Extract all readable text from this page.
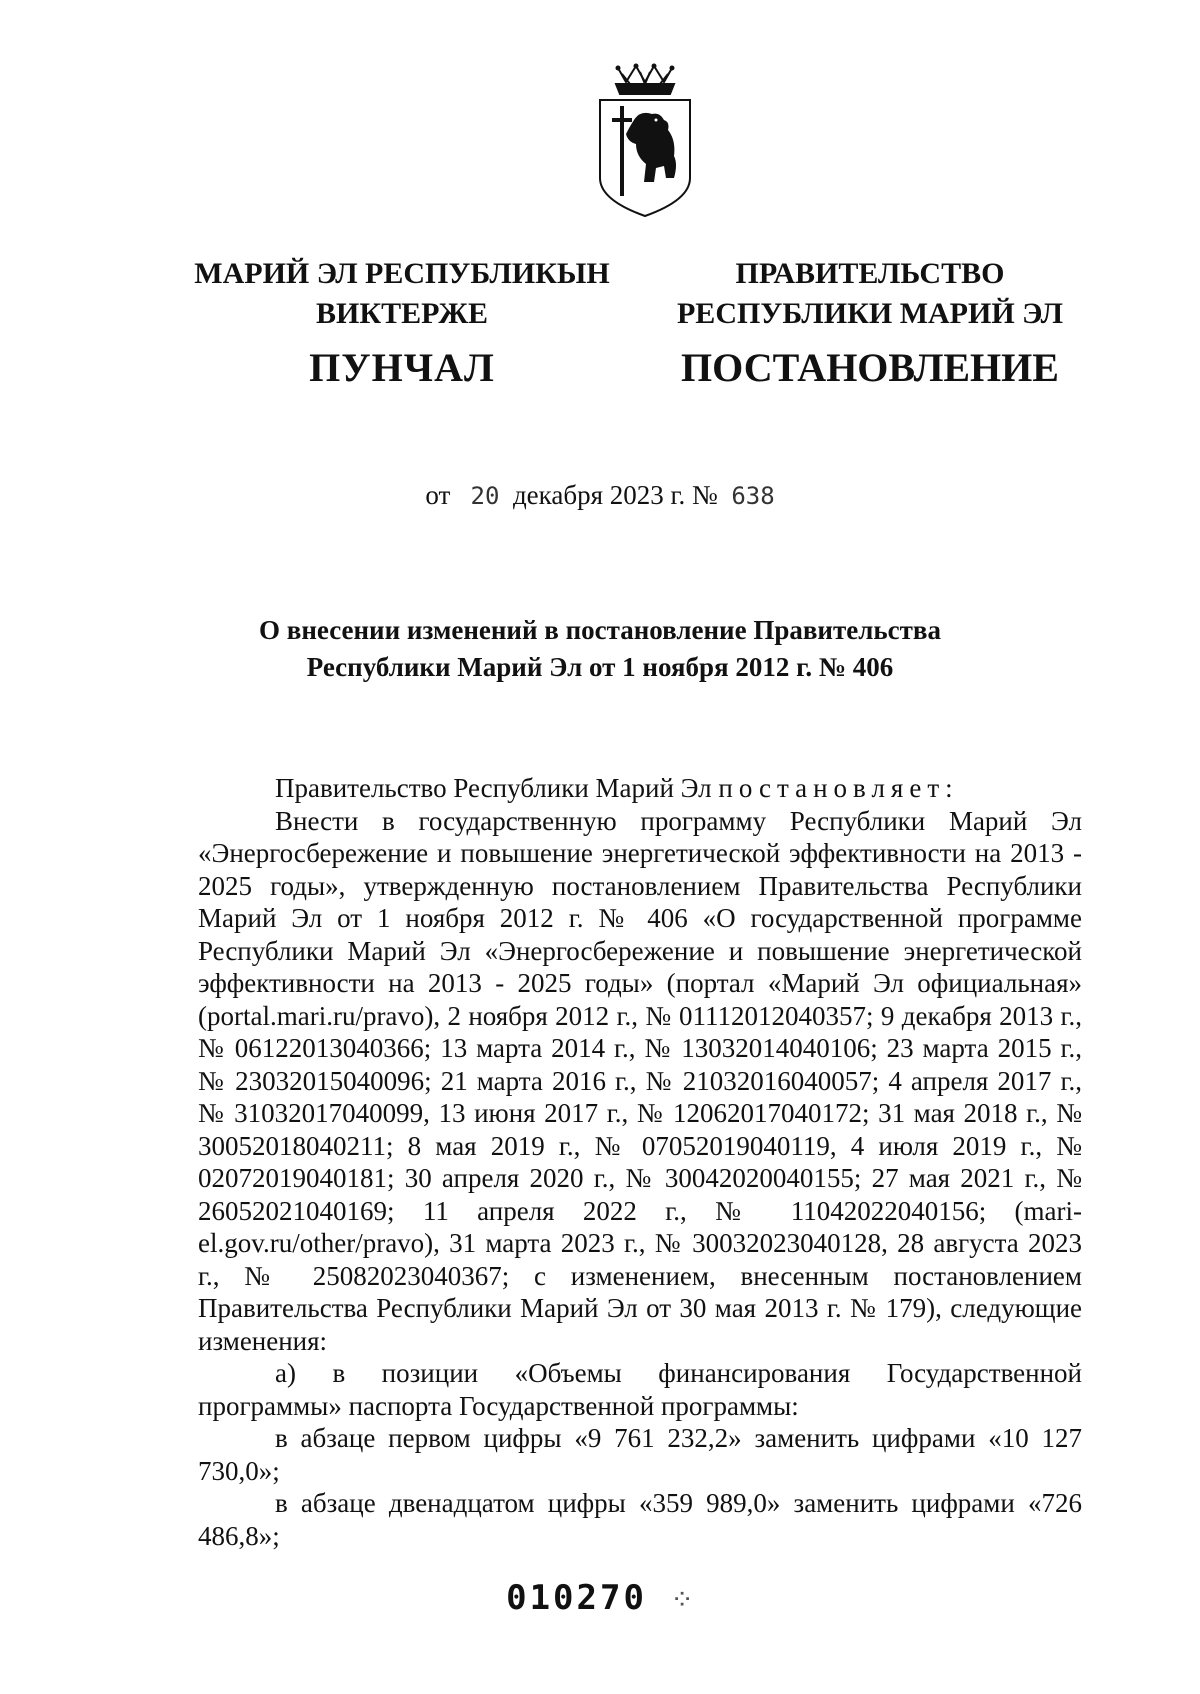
МАРИЙ ЭЛ РЕСПУБЛИКЫН
ВИКТЕРЖЕ
ПУНЧАЛ
ПРАВИТЕЛЬСТВО
РЕСПУБЛИКИ МАРИЙ ЭЛ
ПОСТАНОВЛЕНИЕ
от 20 декабря 2023 г. № 638
О внесении изменений в постановление Правительства
Республики Марий Эл от 1 ноября 2012 г. № 406

Правительство Республики Марий Эл постановляет:

Внести в государственную программу Республики Марий Эл «Энергосбережение и повышение энергетической эффективности на 2013 - 2025 годы», утвержденную постановлением Правительства Республики Марий Эл от 1 ноября 2012 г. № 406 «О государственной программе Республики Марий Эл «Энергосбережение и повышение энергетической эффективности на 2013 - 2025 годы» (портал «Марий Эл официальная» (portal.mari.ru/pravo), 2 ноября 2012 г., № 01112012040357; 9 декабря 2013 г., № 06122013040366; 13 марта 2014 г., № 13032014040106; 23 марта 2015 г., № 23032015040096; 21 марта 2016 г., № 21032016040057; 4 апреля 2017 г., № 31032017040099, 13 июня 2017 г., № 12062017040172; 31 мая 2018 г., № 30052018040211; 8 мая 2019 г., № 07052019040119, 4 июля 2019 г., № 02072019040181; 30 апреля 2020 г., № 30042020040155; 27 мая 2021 г., № 26052021040169; 11 апреля 2022 г., № 11042022040156; (mari-el.gov.ru/other/pravo), 31 марта 2023 г., № 30032023040128, 28 августа 2023 г., № 25082023040367; с изменением, внесенным постановлением Правительства Республики Марий Эл от 30 мая 2013 г. № 179), следующие изменения:

а) в позиции «Объемы финансирования Государственной программы» паспорта Государственной программы:

в абзаце первом цифры «9 761 232,2» заменить цифрами «10 127 730,0»;

в абзаце двенадцатом цифры «359 989,0» заменить цифрами «726 486,8»;

010270 ⁘
